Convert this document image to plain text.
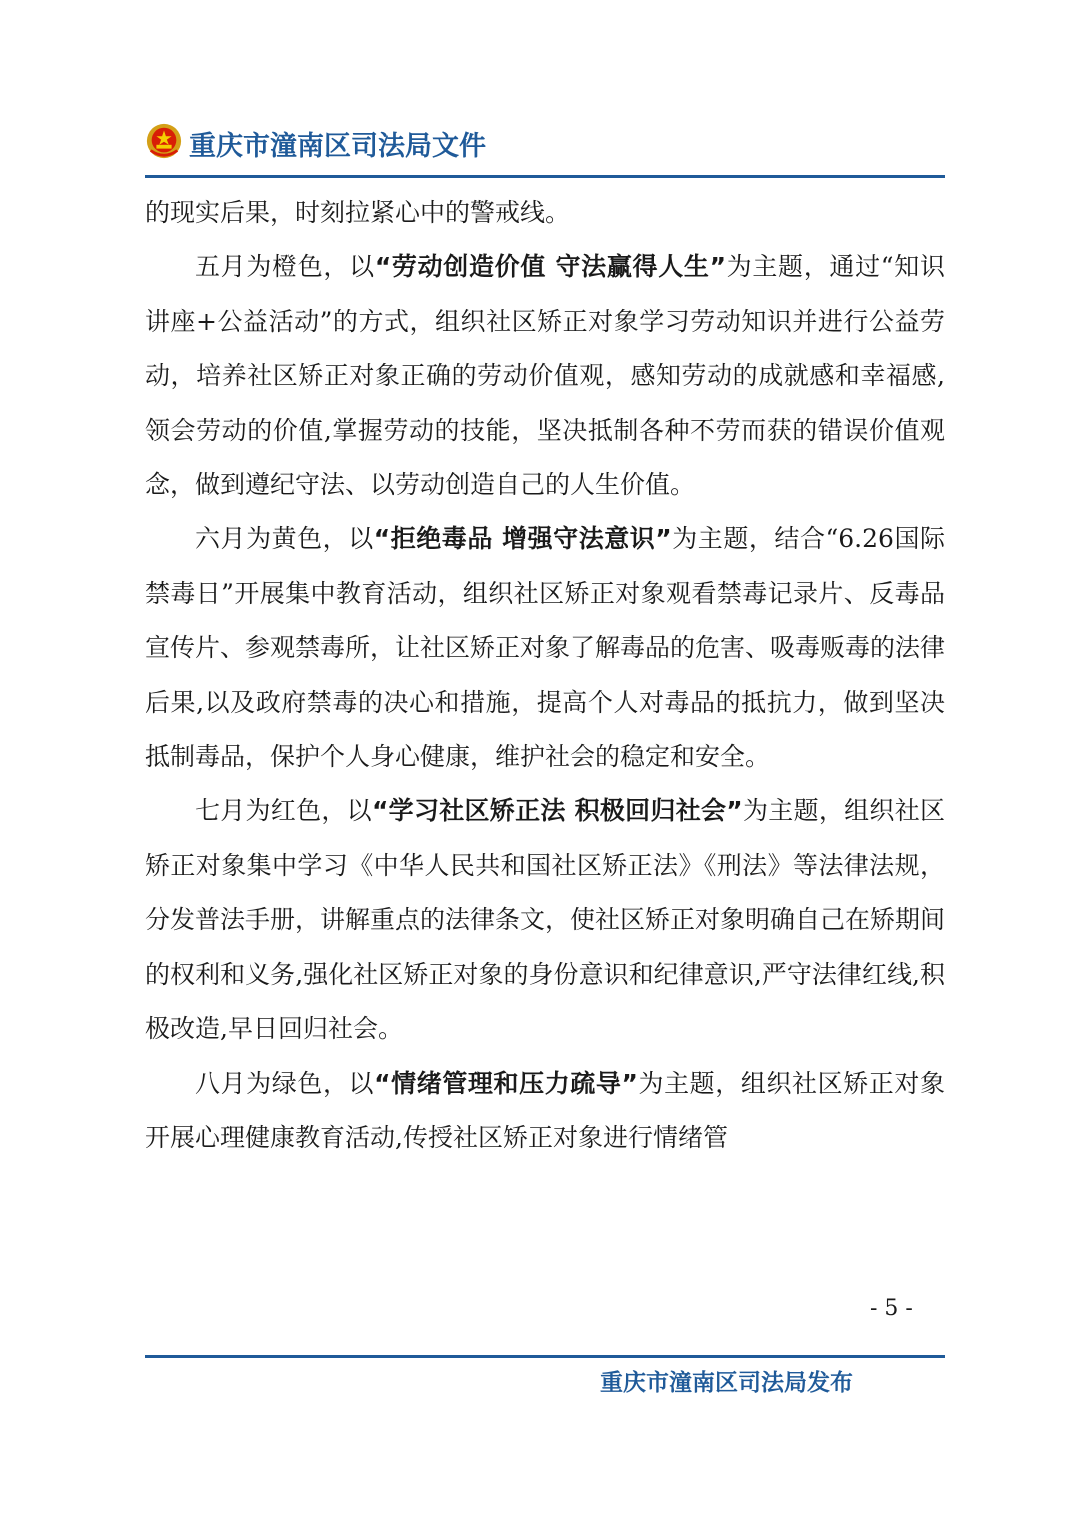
重庆市潼南区司法局文件

的现实后果，时刻拉紧心中的警戒线。

五月为橙色，以“劳动创造价值 守法赢得人生”为主题，通过“知识讲座+公益活动”的方式，组织社区矫正对象学习劳动知识并进行公益劳动，培养社区矫正对象正确的劳动价值观，感知劳动的成就感和幸福感,领会劳动的价值,掌握劳动的技能，坚决抵制各种不劳而获的错误价值观念，做到遵纪守法、以劳动创造自己的人生价值。

六月为黄色，以“拒绝毒品 增强守法意识”为主题，结合“6.26国际禁毒日”开展集中教育活动，组织社区矫正对象观看禁毒记录片、反毒品宣传片、参观禁毒所，让社区矫正对象了解毒品的危害、吸毒贩毒的法律后果,以及政府禁毒的决心和措施，提高个人对毒品的抵抗力，做到坚决抵制毒品，保护个人身心健康，维护社会的稳定和安全。

七月为红色，以“学习社区矫正法 积极回归社会”为主题，组织社区矫正对象集中学习《中华人民共和国社区矫正法》《刑法》等法律法规，分发普法手册，讲解重点的法律条文，使社区矫正对象明确自己在矫期间的权利和义务,强化社区矫正对象的身份意识和纪律意识,严守法律红线,积极改造,早日回归社会。

八月为绿色，以“情绪管理和压力疏导”为主题，组织社区矫正对象开展心理健康教育活动,传授社区矫正对象进行情绪管

- 5 -
重庆市潼南区司法局发布
